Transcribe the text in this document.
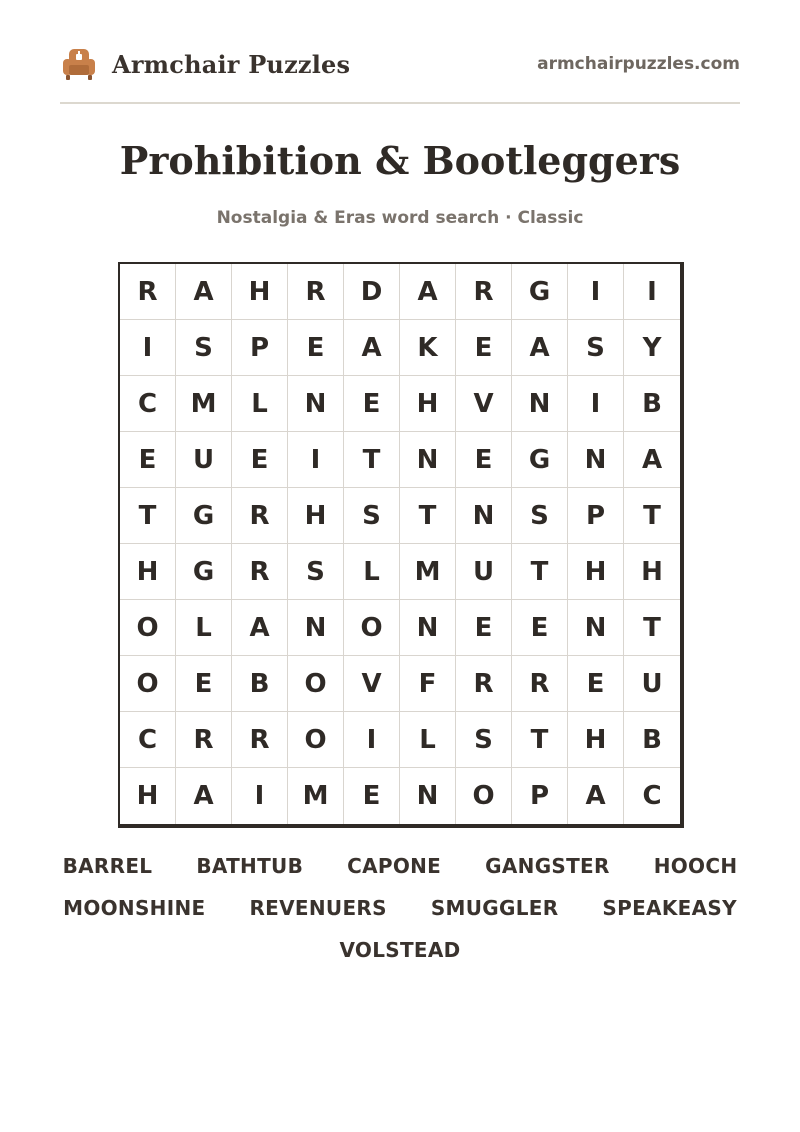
Armchair Puzzles	armchairpuzzles.com
Prohibition & Bootleggers
Nostalgia & Eras word search · Classic
R	A	H	R	D	A	R	G	I	I
I	S	P	E	A	K	E	A	S	Y
C	M	L	N	E	H	V	N	I	B
E	U	E	I	T	N	E	G	N	A
T	G	R	H	S	T	N	S	P	T
H	G	R	S	L	M	U	T	H	H
O	L	A	N	O	N	E	E	N	T
O	E	B	O	V	F	R	R	E	U
C	R	R	O	I	L	S	T	H	B
H	A	I	M	E	N	O	P	A	C
BARREL BATHTUB CAPONE GANGSTER HOOCH
MOONSHINE REVENUERS SMUGGLER SPEAKEASY
VOLSTEAD
